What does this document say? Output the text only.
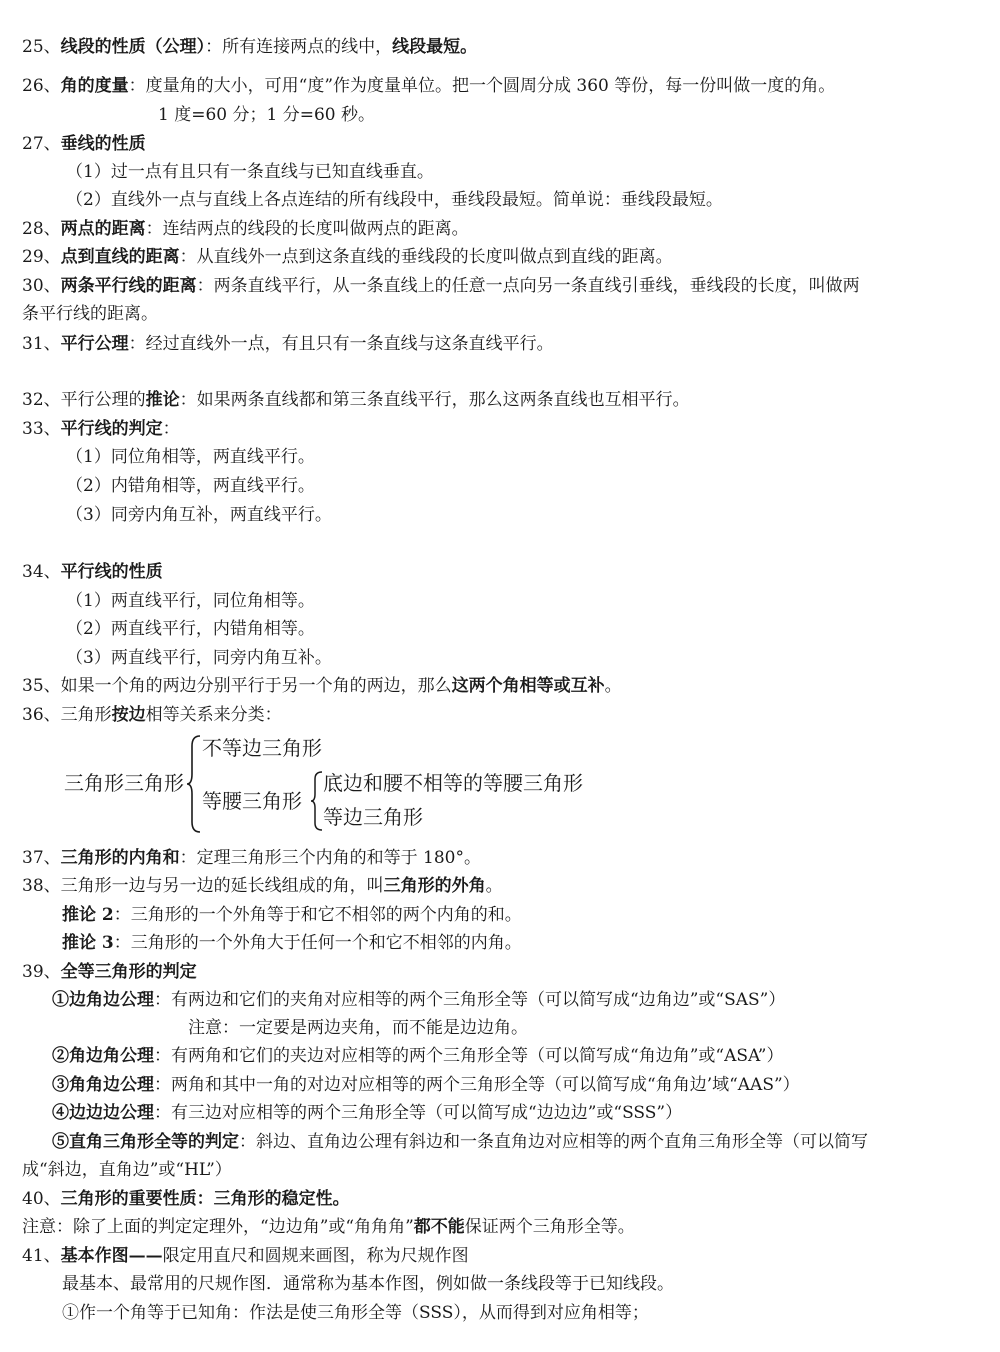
25、线段的性质（公理）：所有连接两点的线中，线段最短。
26、角的度量：度量角的大小，可用“度”作为度量单位。把一个圆周分成 360 等份，每一份叫做一度的角。
1 度=60 分；1 分=60 秒。
27、垂线的性质
（1）过一点有且只有一条直线与已知直线垂直。
（2）直线外一点与直线上各点连结的所有线段中，垂线段最短。简单说：垂线段最短。
28、两点的距离：连结两点的线段的长度叫做两点的距离。
29、点到直线的距离：从直线外一点到这条直线的垂线段的长度叫做点到直线的距离。
30、两条平行线的距离：两条直线平行，从一条直线上的任意一点向另一条直线引垂线，垂线段的长度，叫做两
条平行线的距离。
31、平行公理：经过直线外一点，有且只有一条直线与这条直线平行。
32、平行公理的推论：如果两条直线都和第三条直线平行，那么这两条直线也互相平行。
33、平行线的判定：
（1）同位角相等，两直线平行。
（2）内错角相等，两直线平行。
（3）同旁内角互补，两直线平行。
34、平行线的性质
（1）两直线平行，同位角相等。
（2）两直线平行，内错角相等。
（3）两直线平行，同旁内角互补。
35、如果一个角的两边分别平行于另一个角的两边，那么这两个角相等或互补。
36、三角形按边相等关系来分类：
三角形三角形
不等边三角形
等腰三角形
底边和腰不相等的等腰三角形
等边三角形
37、三角形的内角和：定理三角形三个内角的和等于 180°。
38、三角形一边与另一边的延长线组成的角，叫三角形的外角。
推论 2：三角形的一个外角等于和它不相邻的两个内角的和。
推论 3：三角形的一个外角大于任何一个和它不相邻的内角。
39、全等三角形的判定
①边角边公理：有两边和它们的夹角对应相等的两个三角形全等（可以简写成“边角边”或“SAS”）
注意：一定要是两边夹角，而不能是边边角。
②角边角公理：有两角和它们的夹边对应相等的两个三角形全等（可以简写成“角边角”或“ASA”）
③角角边公理：两角和其中一角的对边对应相等的两个三角形全等（可以简写成“角角边’域“AAS”）
④边边边公理：有三边对应相等的两个三角形全等（可以简写成“边边边”或“SSS”）
⑤直角三角形全等的判定：斜边、直角边公理有斜边和一条直角边对应相等的两个直角三角形全等（可以简写
成“斜边，直角边”或“HL”）
40、三角形的重要性质：三角形的稳定性。
注意：除了上面的判定定理外，“边边角”或“角角角”都不能保证两个三角形全等。
41、基本作图——限定用直尺和圆规来画图，称为尺规作图
最基本、最常用的尺规作图．通常称为基本作图，例如做一条线段等于已知线段。
①作一个角等于已知角：作法是使三角形全等（SSS），从而得到对应角相等；
